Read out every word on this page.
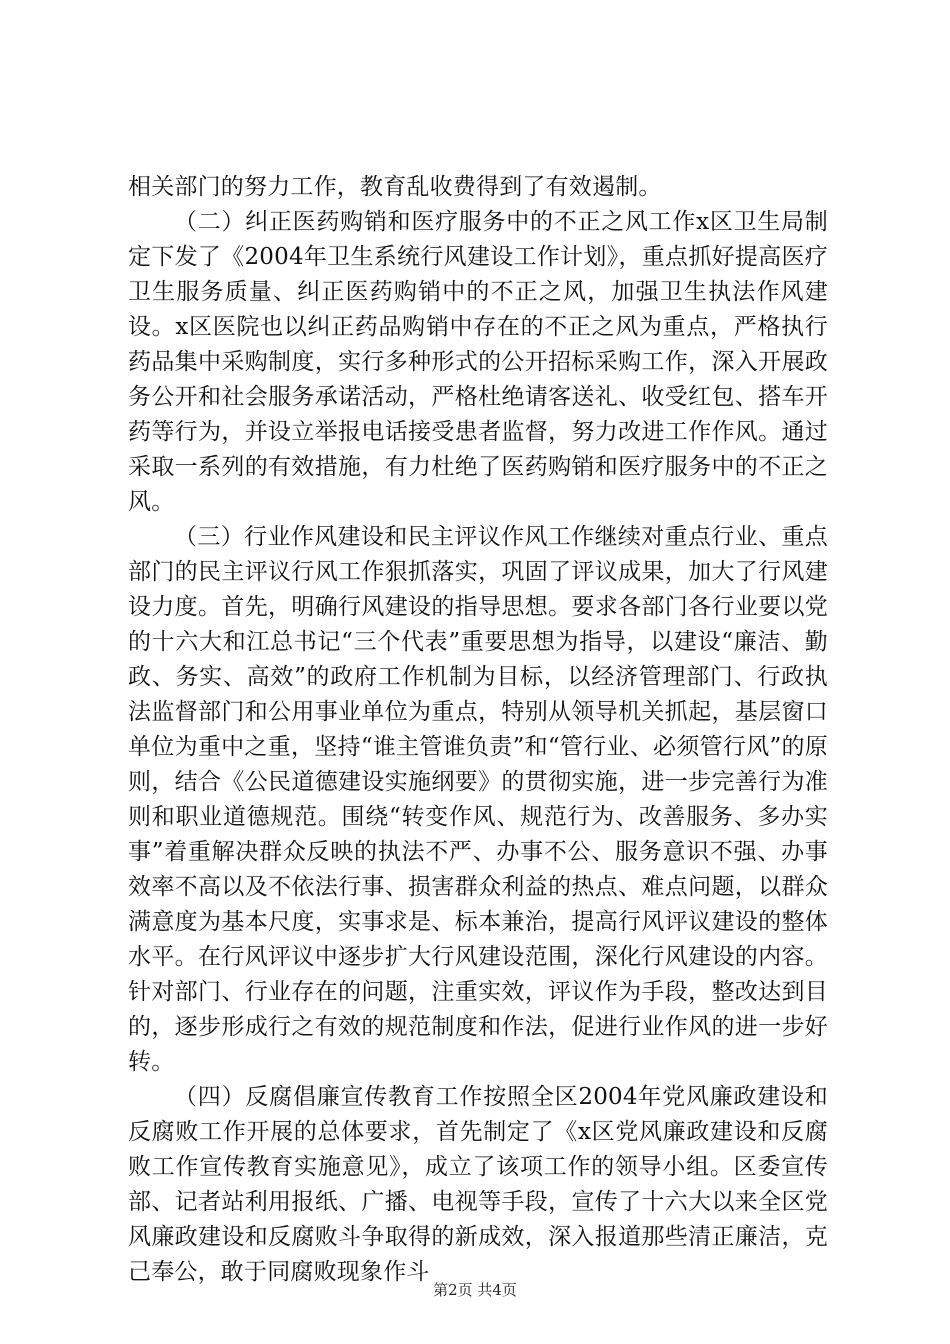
相关部门的努力工作，教育乱收费得到了有效遏制。

（二）纠正医药购销和医疗服务中的不正之风工作x区卫生局制定下发了《2004年卫生系统行风建设工作计划》，重点抓好提高医疗卫生服务质量、纠正医药购销中的不正之风，加强卫生执法作风建设。x区医院也以纠正药品购销中存在的不正之风为重点，严格执行药品集中采购制度，实行多种形式的公开招标采购工作，深入开展政务公开和社会服务承诺活动，严格杜绝请客送礼、收受红包、搭车开药等行为，并设立举报电话接受患者监督，努力改进工作作风。通过采取一系列的有效措施，有力杜绝了医药购销和医疗服务中的不正之风。

（三）行业作风建设和民主评议作风工作继续对重点行业、重点部门的民主评议行风工作狠抓落实，巩固了评议成果，加大了行风建设力度。首先，明确行风建设的指导思想。要求各部门各行业要以党的十六大和江总书记“三个代表”重要思想为指导，以建设“廉洁、勤政、务实、高效”的政府工作机制为目标，以经济管理部门、行政执法监督部门和公用事业单位为重点，特别从领导机关抓起，基层窗口单位为重中之重，坚持“谁主管谁负责”和“管行业、必须管行风”的原则，结合《公民道德建设实施纲要》的贯彻实施，进一步完善行为准则和职业道德规范。围绕“转变作风、规范行为、改善服务、多办实事”着重解决群众反映的执法不严、办事不公、服务意识不强、办事效率不高以及不依法行事、损害群众利益的热点、难点问题，以群众满意度为基本尺度，实事求是、标本兼治，提高行风评议建设的整体水平。在行风评议中逐步扩大行风建设范围，深化行风建设的内容。针对部门、行业存在的问题，注重实效，评议作为手段，整改达到目的，逐步形成行之有效的规范制度和作法，促进行业作风的进一步好转。

（四）反腐倡廉宣传教育工作按照全区2004年党风廉政建设和反腐败工作开展的总体要求，首先制定了《x区党风廉政建设和反腐败工作宣传教育实施意见》，成立了该项工作的领导小组。区委宣传部、记者站利用报纸、广播、电视等手段，宣传了十六大以来全区党风廉政建设和反腐败斗争取得的新成效，深入报道那些清正廉洁，克己奉公，敢于同腐败现象作斗

第2页 共4页
